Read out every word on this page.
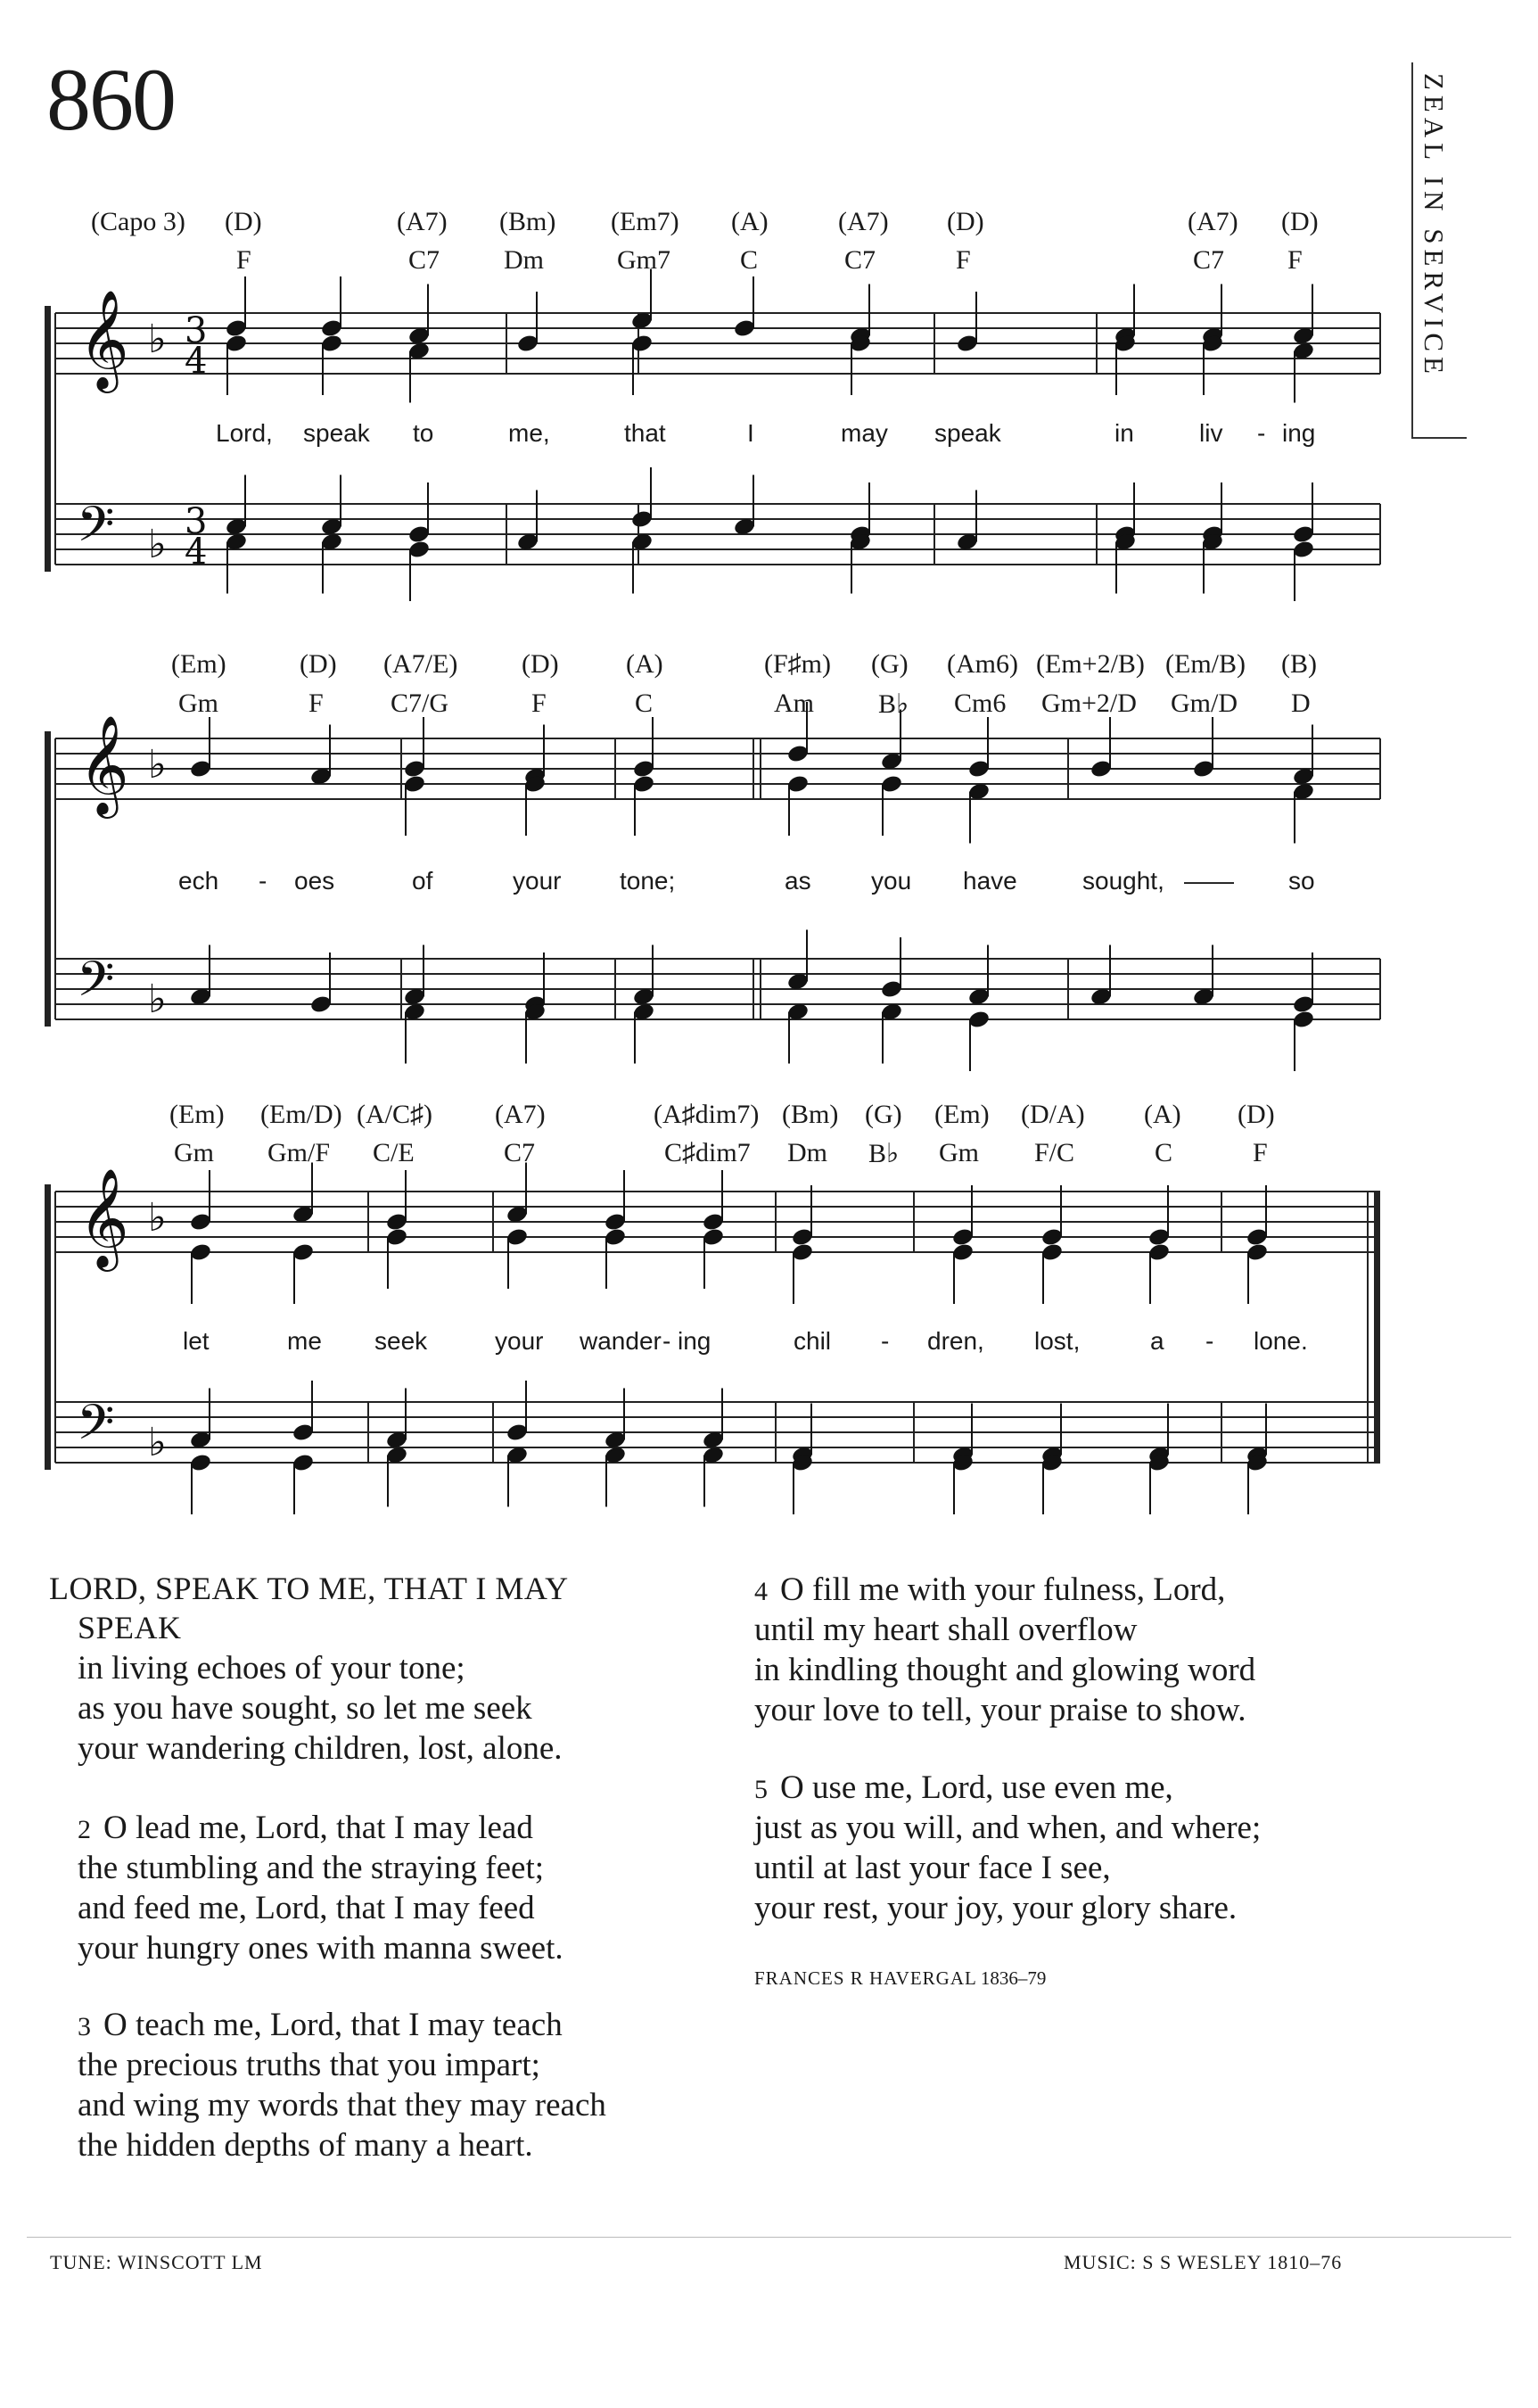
860	ZEAL IN SERVICE
𝄞
𝄢
♭
♭
3
4
3
4
𝄞
𝄢
♭
♭
𝄞
𝄢
♭
♭
(Capo 3) (D)	(A7) (Bm) (Em7) (A)	(A7) (D)	(A7) (D)
F	C7 Dm	Gm7	C	C7	F	C7 F
Lord, speak to	me,	that	I	may speak	in	liv - ing
(Em)	(D) (A7/E) (D)	(A)	(F♯m) (G) (Am6) (Em+2/B) (Em/B) (B)
Gm	F	C7/G	F	C	Am B♭ Cm6 Gm+2/D Gm/D D
ech - oes	of	your tone;	as you have	sought, —— so
(Em) (Em/D) (A/C♯) (A7)	(A♯dim7) (Bm) (G) (Em) (D/A) (A) (D)
Gm Gm/F C/E	C7	C♯dim7 Dm B♭ Gm F/C	C	F
let	me seek	your wander - ing	chil - dren, lost,	a - lone.
LORD, SPEAK TO ME, THAT I MAY
SPEAK
in living echoes of your tone;
as you have sought, so let me seek
your wandering children, lost, alone.
2 O lead me, Lord, that I may lead
the stumbling and the straying feet;
and feed me, Lord, that I may feed
your hungry ones with manna sweet.
3 O teach me, Lord, that I may teach
the precious truths that you impart;
and wing my words that they may reach
the hidden depths of many a heart.
4 O fill me with your fulness, Lord,
until my heart shall overflow
in kindling thought and glowing word
your love to tell, your praise to show.
5 O use me, Lord, use even me,
just as you will, and when, and where;
until at last your face I see,
your rest, your joy, your glory share.
FRANCES R HAVERGAL 1836–79
TUNE: WINSCOTT LM	MUSIC: S S WESLEY 1810–76
